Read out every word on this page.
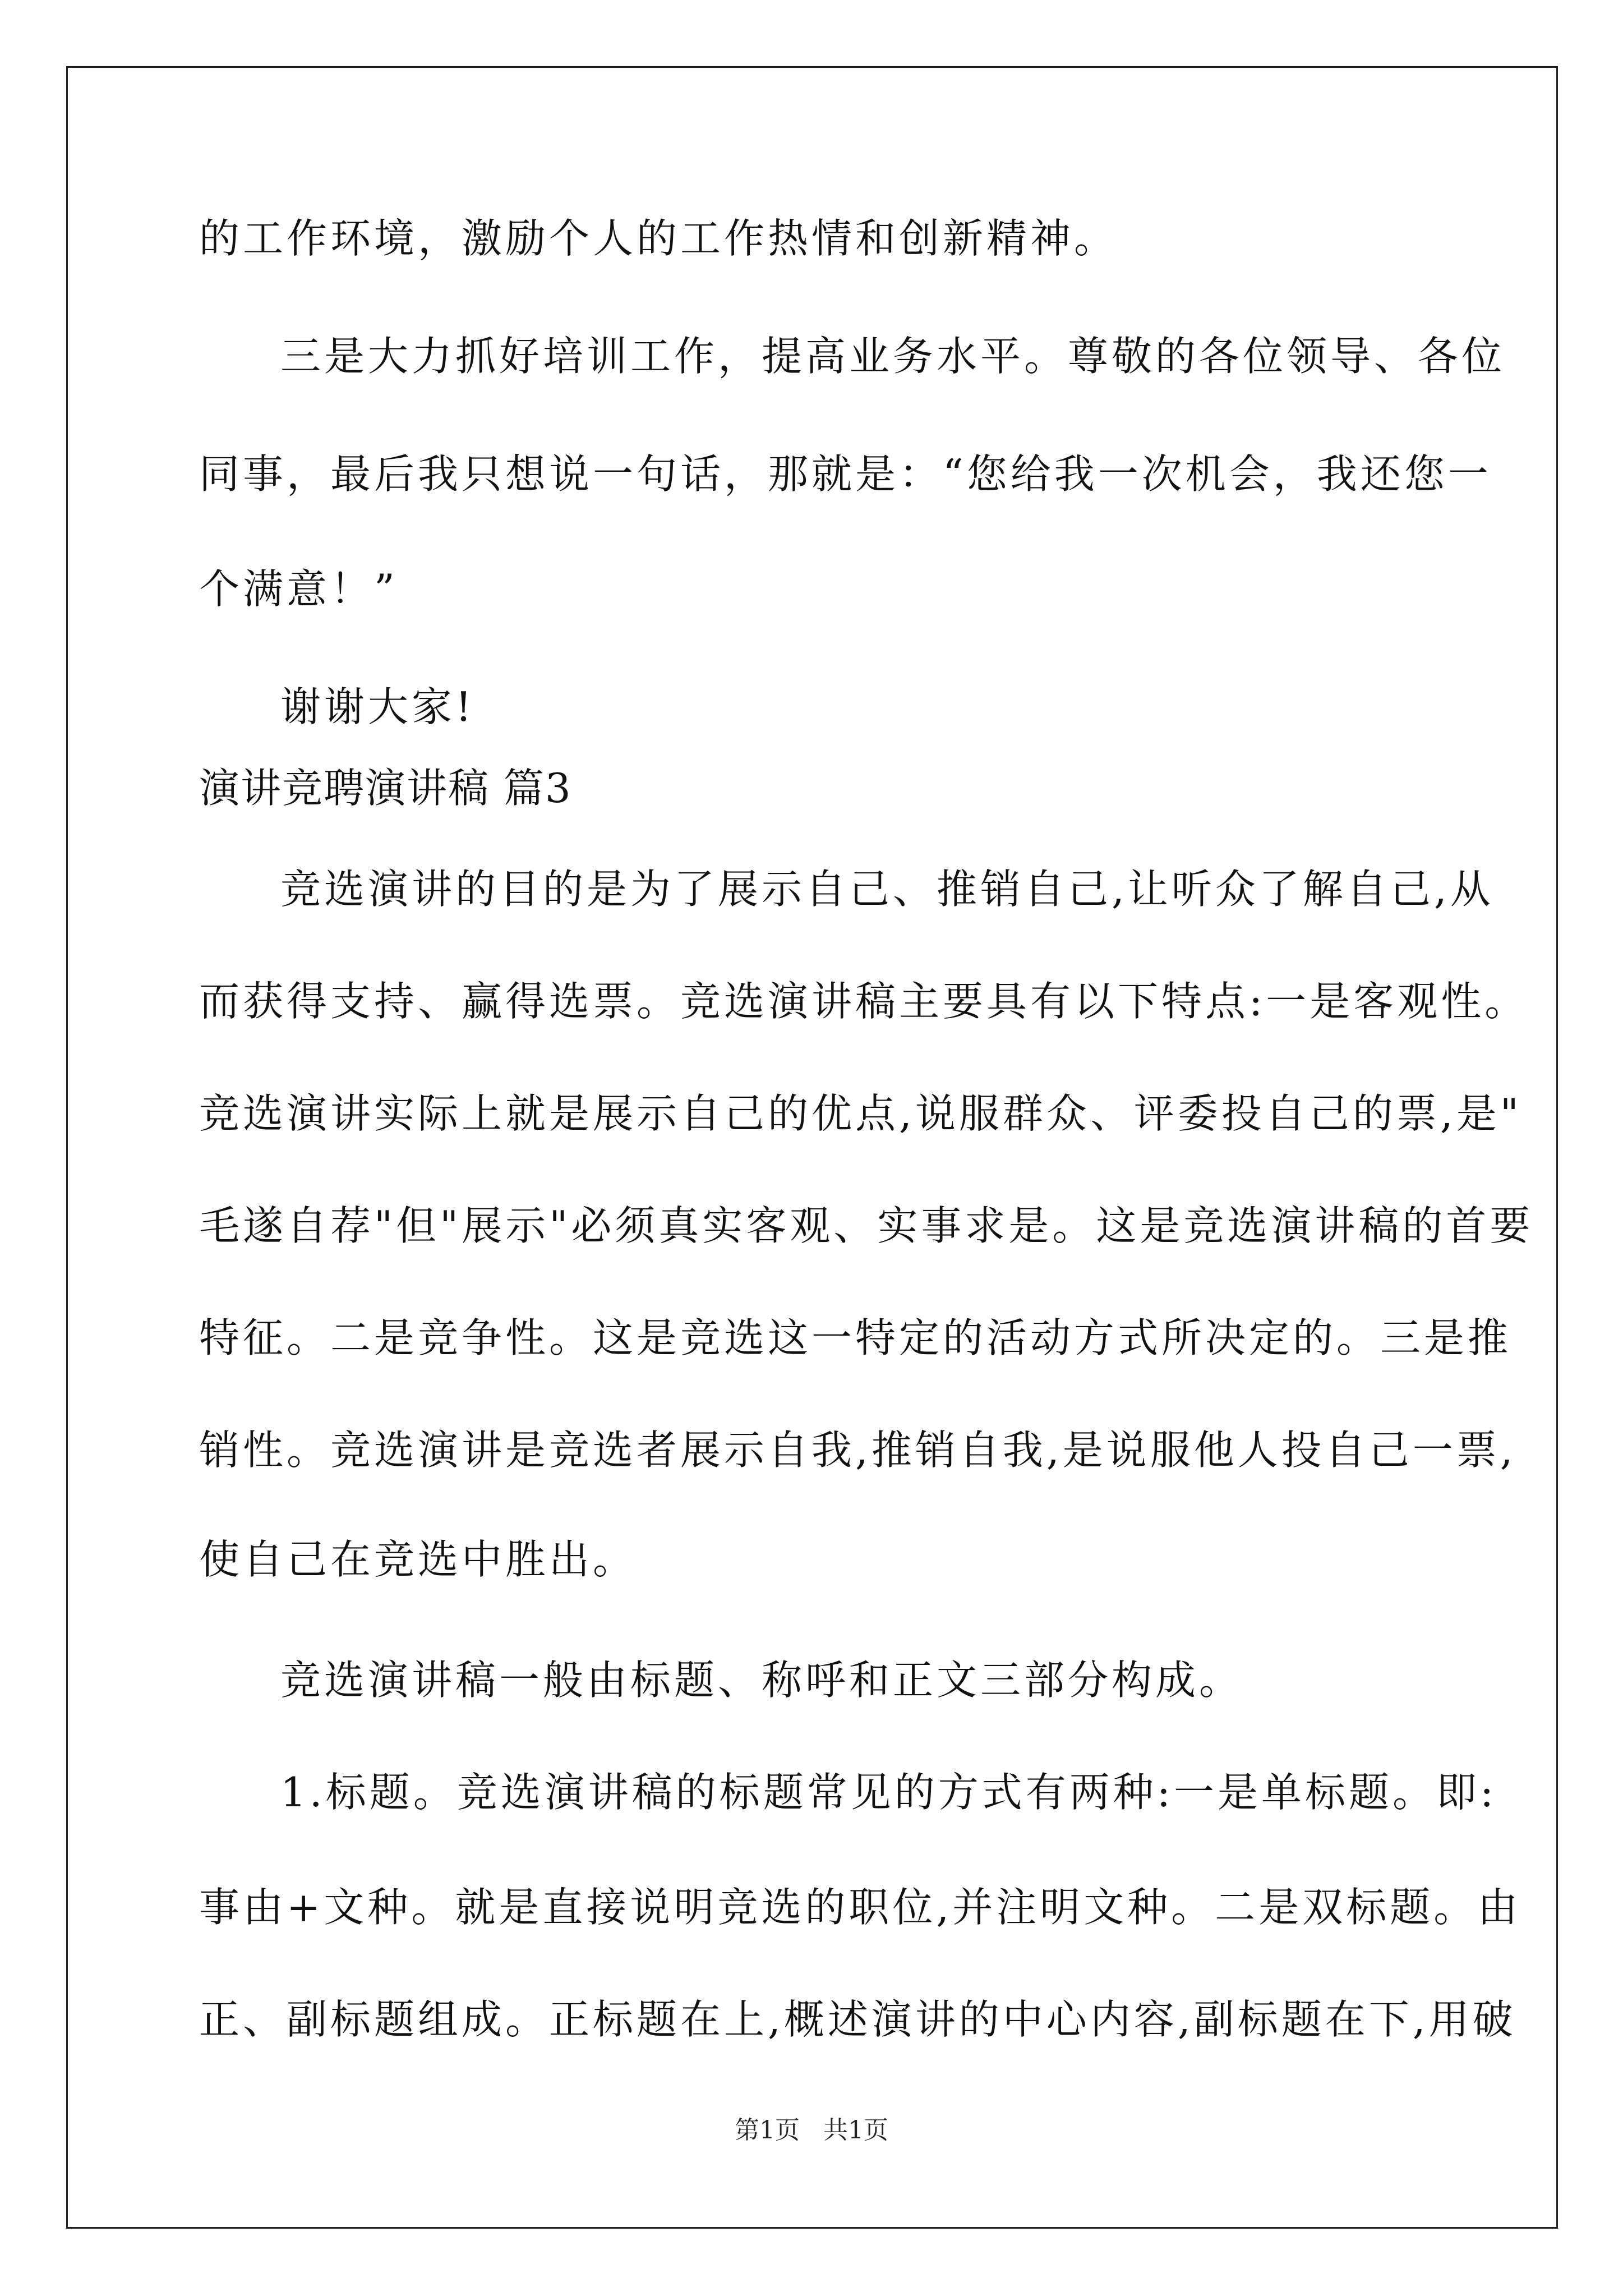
的工作环境，激励个人的工作热情和创新精神。
三是大力抓好培训工作，提高业务水平。尊敬的各位领导、各位
同事，最后我只想说一句话，那就是：“您给我一次机会，我还您一
个满意！”
谢谢大家!
演讲竞聘演讲稿 篇3
竞选演讲的目的是为了展示自己、推销自己,让听众了解自己,从
而获得支持、赢得选票。竞选演讲稿主要具有以下特点:一是客观性。
竞选演讲实际上就是展示自己的优点,说服群众、评委投自己的票,是"
毛遂自荐"但"展示"必须真实客观、实事求是。这是竞选演讲稿的首要
特征。二是竞争性。这是竞选这一特定的活动方式所决定的。三是推
销性。竞选演讲是竞选者展示自我,推销自我,是说服他人投自己一票,
使自己在竞选中胜出。
竞选演讲稿一般由标题、称呼和正文三部分构成。
1.标题。竞选演讲稿的标题常见的方式有两种:一是单标题。即:
事由+文种。就是直接说明竞选的职位,并注明文种。二是双标题。由
正、副标题组成。正标题在上,概述演讲的中心内容,副标题在下,用破
第1页   共1页
